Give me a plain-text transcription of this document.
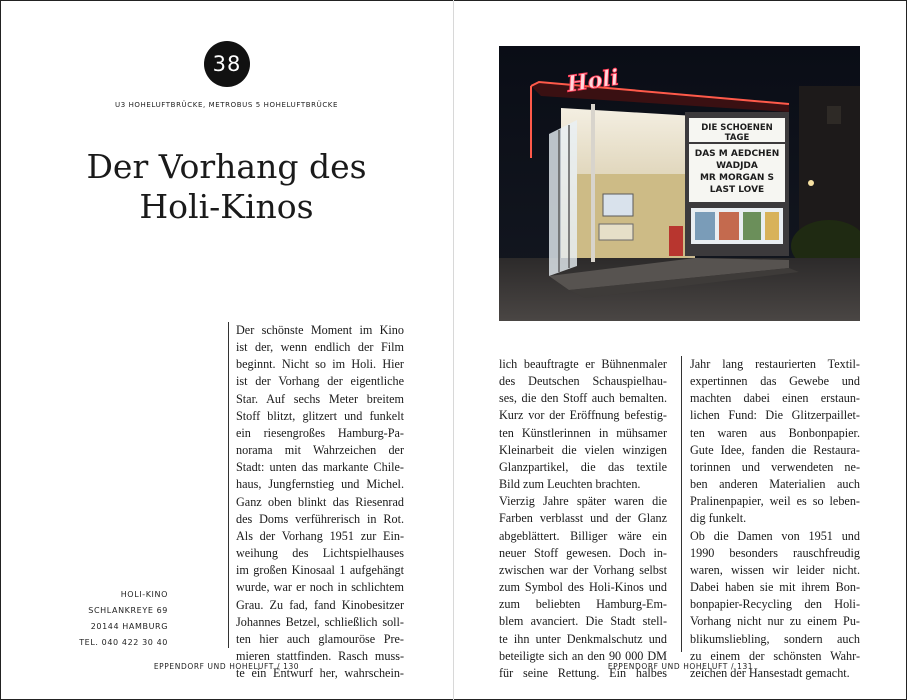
38
U3 HOHELUFTBRÜCKE, METROBUS 5 HOHELUFTBRÜCKE
Der Vorhang des
Holi-Kinos
Der schönste Moment im Kino
ist der, wenn endlich der Film
beginnt. Nicht so im Holi. Hier
ist der Vorhang der eigentliche
Star. Auf sechs Meter breitem
Stoff blitzt, glitzert und funkelt
ein riesengroßes Hamburg-Pa-
norama mit Wahrzeichen der
Stadt: unten das markante Chile-
haus, Jungfernstieg und Michel.
Ganz oben blinkt das Riesenrad
des Doms verführerisch in Rot.
Als der Vorhang 1951 zur Ein-
weihung des Lichtspielhauses
im großen Kinosaal 1 aufgehängt
wurde, war er noch in schlichtem
Grau. Zu fad, fand Kinobesitzer
Johannes Betzel, schließlich soll-
ten hier auch glamouröse Pre-
mieren stattfinden. Rasch muss-
te ein Entwurf her, wahrschein-
HOLI-KINO
SCHLANKREYE 69
20144 HAMBURG
TEL. 040 422 30 40
EPPENDORF UND HOHELUFT / 130
DIE SCHOENEN
TAGE
DAS M AEDCHEN
WADJDA
MR MORGAN S
LAST LOVE
Holi
lich beauftragte er Bühnenmaler
des Deutschen Schauspielhau-
ses, die den Stoff auch bemalten.
Kurz vor der Eröffnung befestig-
ten Künstlerinnen in mühsamer
Kleinarbeit die vielen winzigen
Glanzpartikel, die das textile
Bild zum Leuchten brachten.
Vierzig Jahre später waren die
Farben verblasst und der Glanz
abgeblättert. Billiger wäre ein
neuer Stoff gewesen. Doch in-
zwischen war der Vorhang selbst
zum Symbol des Holi-Kinos und
zum beliebten Hamburg-Em-
blem avanciert. Die Stadt stell-
te ihn unter Denkmalschutz und
beteiligte sich an den 90 000 DM
für seine Rettung. Ein halbes
Jahr lang restaurierten Textil-
expertinnen das Gewebe und
machten dabei einen erstaun-
lichen Fund: Die Glitzerpaillet-
ten waren aus Bonbonpapier.
Gute Idee, fanden die Restaura-
torinnen und verwendeten ne-
ben anderen Materialien auch
Pralinenpapier, weil es so leben-
dig funkelt.
Ob die Damen von 1951 und
1990 besonders rauschfreudig
waren, wissen wir leider nicht.
Dabei haben sie mit ihrem Bon-
bonpapier-Recycling den Holi-
Vorhang nicht nur zu einem Pu-
blikumsliebling, sondern auch
zu einem der schönsten Wahr-
zeichen der Hansestadt gemacht.
EPPENDORF UND HOHELUFT / 131
